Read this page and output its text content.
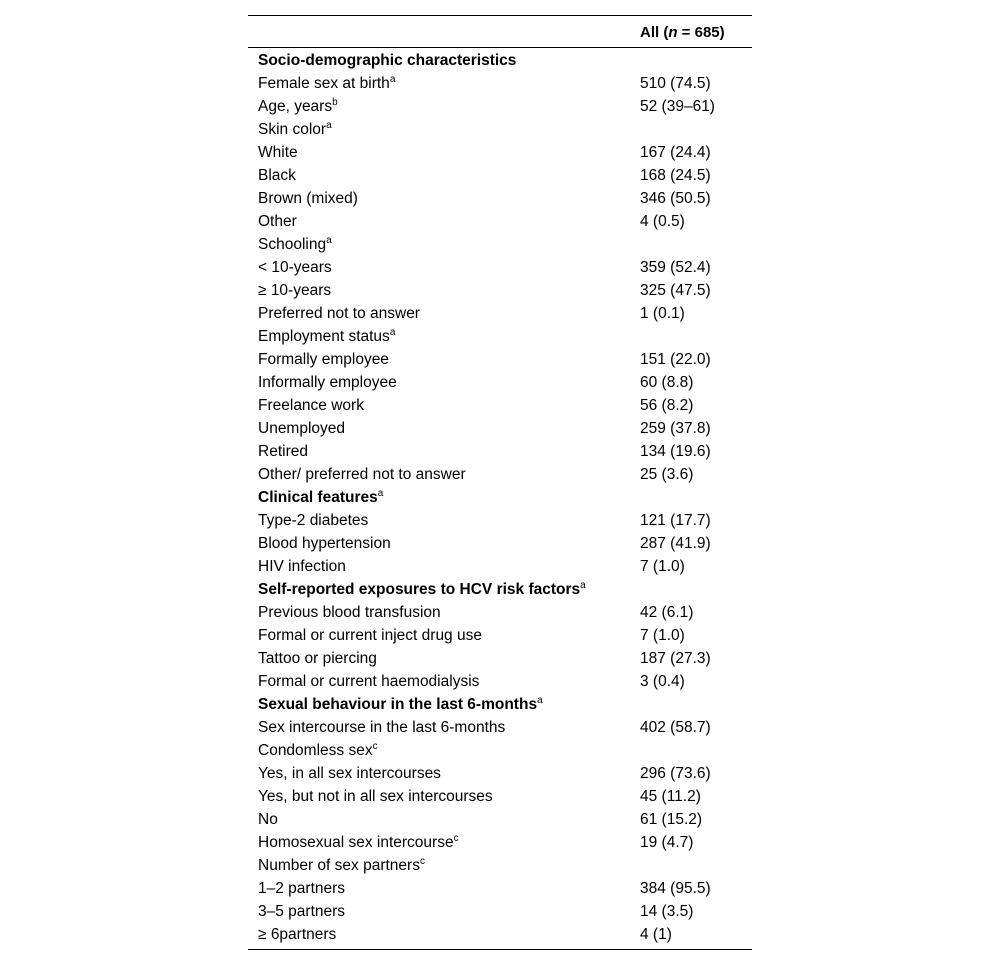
All (n = 685)
Socio-demographic characteristics
Female sex at birth$^a$	510 (74.5)
Age, years$^b$	52 (39–61)
Skin color$^a$
White	167 (24.4)
Black	168 (24.5)
Brown (mixed)	346 (50.5)
Other	4 (0.5)
Schooling$^a$
< 10-years	359 (52.4)
≥ 10-years	325 (47.5)
Preferred not to answer	1 (0.1)
Employment status$^a$
Formally employee	151 (22.0)
Informally employee	60 (8.8)
Freelance work	56 (8.2)
Unemployed	259 (37.8)
Retired	134 (19.6)
Other/ preferred not to answer	25 (3.6)
Clinical features$^a$
Type-2 diabetes	121 (17.7)
Blood hypertension	287 (41.9)
HIV infection	7 (1.0)
Self-reported exposures to HCV risk factors$^a$
Previous blood transfusion	42 (6.1)
Formal or current inject drug use	7 (1.0)
Tattoo or piercing	187 (27.3)
Formal or current haemodialysis	3 (0.4)
Sexual behaviour in the last 6-months$^a$
Sex intercourse in the last 6-months	402 (58.7)
Condomless sex$^c$
Yes, in all sex intercourses	296 (73.6)
Yes, but not in all sex intercourses	45 (11.2)
No	61 (15.2)
Homosexual sex intercourse$^c$	19 (4.7)
Number of sex partners$^c$
1–2 partners	384 (95.5)
3–5 partners	14 (3.5)
≥ 6partners	4 (1)
